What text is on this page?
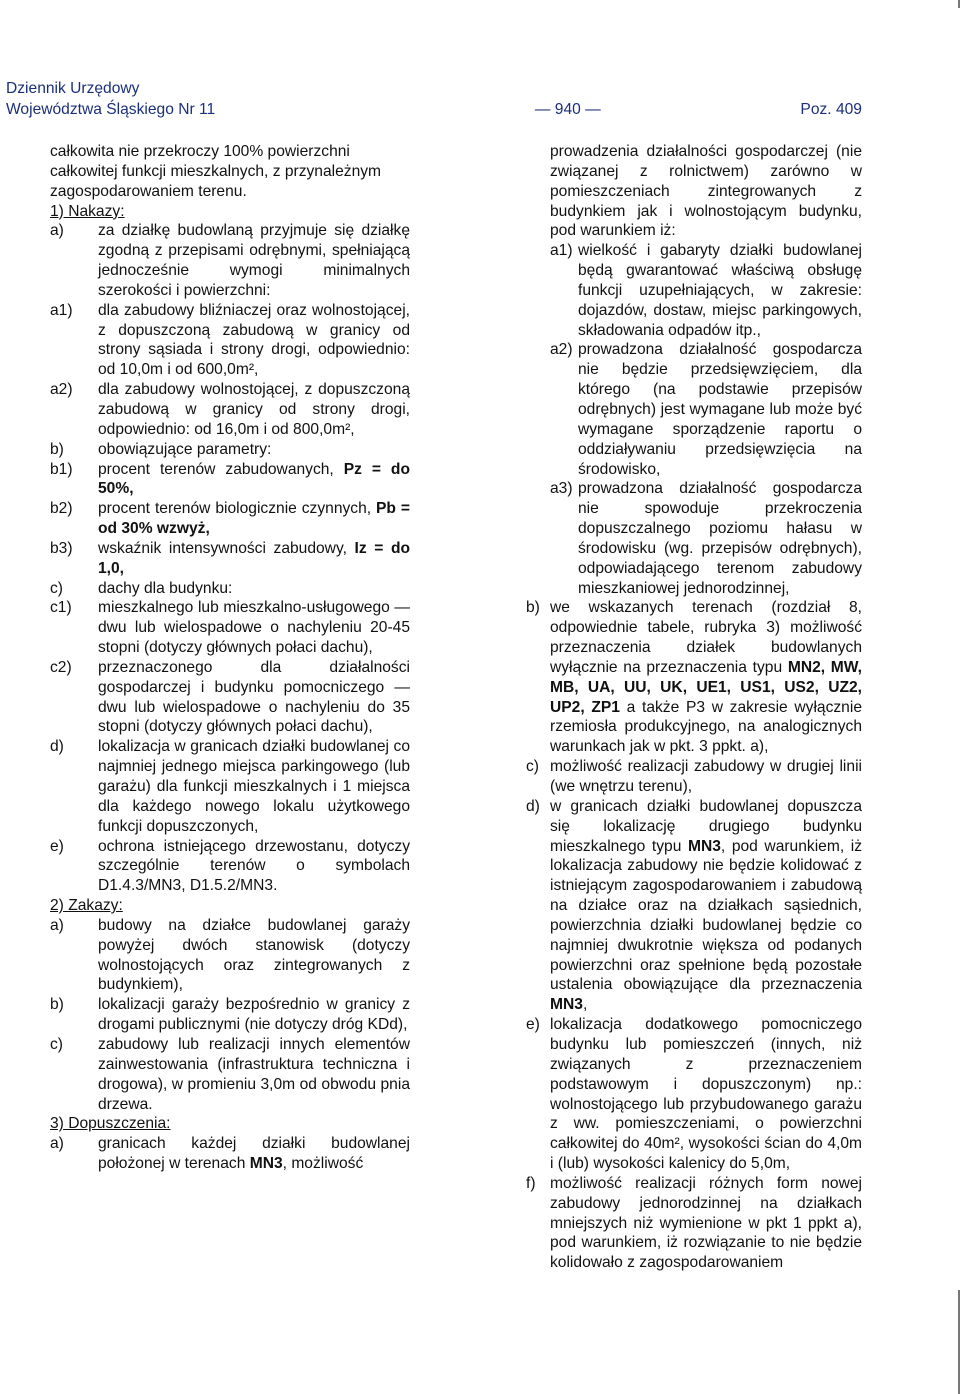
Dziennik Urzędowy
Województwa Śląskiego Nr 11	— 940 —	Poz. 409
całkowita nie przekroczy 100% powierzchni całkowitej funkcji mieszkalnych, z przynależnym zagospodarowaniem terenu.
1) Nakazy:
a)	za działkę budowlaną przyjmuje się działkę zgodną z przepisami odrębnymi, spełniającą jednocześnie wymogi minimalnych szerokości i powierzchni:
a1)	dla zabudowy bliźniaczej oraz wolnostojącej, z dopuszczoną zabudową w granicy od strony sąsiada i strony drogi, odpowiednio: od 10,0m i od 600,0m²,
a2)	dla zabudowy wolnostojącej, z dopuszczoną zabudową w granicy od strony drogi, odpowiednio: od 16,0m i od 800,0m²,
b)	obowiązujące parametry:
b1)	procent terenów zabudowanych, Pz = do 50%,
b2)	procent terenów biologicznie czynnych, Pb = od 30% wzwyż,
b3)	wskaźnik intensywności zabudowy, Iz = do 1,0,
c)	dachy dla budynku:
c1)	mieszkalnego lub mieszkalno-usługowego — dwu lub wielospadowe o nachyleniu 20-45 stopni (dotyczy głównych połaci dachu),
c2)	przeznaczonego dla działalności gospodarczej i budynku pomocniczego — dwu lub wielospadowe o nachyleniu do 35 stopni (dotyczy głównych połaci dachu),
d)	lokalizacja w granicach działki budowlanej co najmniej jednego miejsca parkingowego (lub garażu) dla funkcji mieszkalnych i 1 miejsca dla każdego nowego lokalu użytkowego funkcji dopuszczonych,
e)	ochrona istniejącego drzewostanu, dotyczy szczególnie terenów o symbolach D1.4.3/MN3, D1.5.2/MN3.
2) Zakazy:
a)	budowy na działce budowlanej garaży powyżej dwóch stanowisk (dotyczy wolnostojących oraz zintegrowanych z budynkiem),
b)	lokalizacji garaży bezpośrednio w granicy z drogami publicznymi (nie dotyczy dróg KDd),
c)	zabudowy lub realizacji innych elementów zainwestowania (infrastruktura techniczna i drogowa), w promieniu 3,0m od obwodu pnia drzewa.
3) Dopuszczenia:
a)	granicach każdej działki budowlanej położonej w terenach MN3, możliwość
prowadzenia działalności gospodarczej (nie związanej z rolnictwem) zarówno w pomieszczeniach zintegrowanych z budynkiem jak i wolnostojącym budynku, pod warunkiem iż:
a1) wielkość i gabaryty działki budowlanej będą gwarantować właściwą obsługę funkcji uzupełniających, w zakresie: dojazdów, dostaw, miejsc parkingowych, składowania odpadów itp.,
a2) prowadzona działalność gospodarcza nie będzie przedsięwzięciem, dla którego (na podstawie przepisów odrębnych) jest wymagane lub może być wymagane sporządzenie raportu o oddziaływaniu przedsięwzięcia na środowisko,
a3) prowadzona działalność gospodarcza nie spowoduje przekroczenia dopuszczalnego poziomu hałasu w środowisku (wg. przepisów odrębnych), odpowiadającego terenom zabudowy mieszkaniowej jednorodzinnej,
b) we wskazanych terenach (rozdział 8, odpowiednie tabele, rubryka 3) możliwość przeznaczenia działek budowlanych wyłącznie na przeznaczenia typu MN2, MW, MB, UA, UU, UK, UE1, US1, US2, UZ2, UP2, ZP1 a także P3 w zakresie wyłącznie rzemiosła produkcyjnego, na analogicznych warunkach jak w pkt. 3 ppkt. a),
c) możliwość realizacji zabudowy w drugiej linii (we wnętrzu terenu),
d) w granicach działki budowlanej dopuszcza się lokalizację drugiego budynku mieszkalnego typu MN3, pod warunkiem, iż lokalizacja zabudowy nie będzie kolidować z istniejącym zagospodarowaniem i zabudową na działce oraz na działkach sąsiednich, powierzchnia działki budowlanej będzie co najmniej dwukrotnie większa od podanych powierzchni oraz spełnione będą pozostałe ustalenia obowiązujące dla przeznaczenia MN3,
e) lokalizacja dodatkowego pomocniczego budynku lub pomieszczeń (innych, niż związanych z przeznaczeniem podstawowym i dopuszczonym) np.: wolnostojącego lub przybudowanego garażu z ww. pomieszczeniami, o powierzchni całkowitej do 40m², wysokości ścian do 4,0m i (lub) wysokości kalenicy do 5,0m,
f) możliwość realizacji różnych form nowej zabudowy jednorodzinnej na działkach mniejszych niż wymienione w pkt 1 ppkt a), pod warunkiem, iż rozwiązanie to nie będzie kolidowało z zagospodarowaniem
